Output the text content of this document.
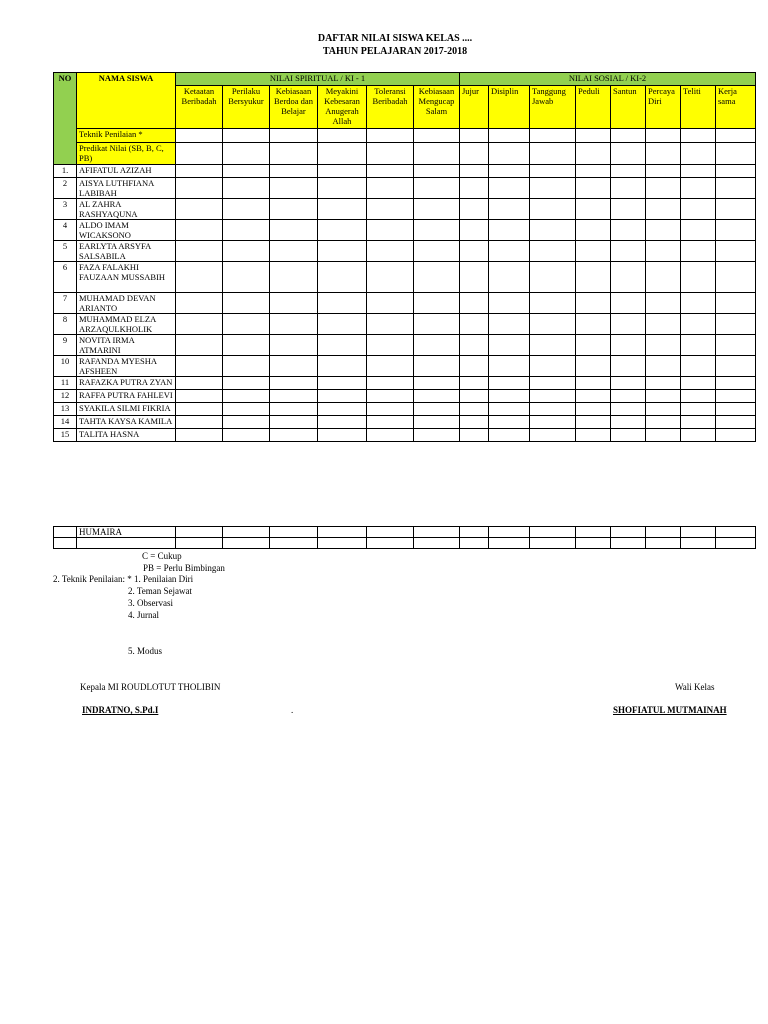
DAFTAR NILAI SISWA KELAS ....
TAHUN PELAJARAN 2017-2018
NO	NAMA SISWA	NILAI SPIRITUAL / KI - 1						NILAI SOSIAL / KI-2							
		Ketaatan Beribadah	Perilaku Bersyukur	Kebiasaan Berdoa dan Belajar	Meyakini Kebesaran Anugerah Allah	Toleransi Beribadah	Kebiasaan Mengucap Salam	Jujur	Disiplin	Tanggung Jawab	Peduli	Santun	Percaya Diri	Teliti	Kerja sama
	Teknik Penilaian *														
	Predikat Nilai (SB, B, C, PB)														
1.	AFIFATUL AZIZAH														
2	AISYA LUTHFIANA LABIBAH														
3	AL ZAHRA RASHYAQUNA														
4	ALDO IMAM WICAKSONO														
5	EARLYTA ARSYFA SALSABILA														
6	FAZA FALAKHI FAUZAAN MUSSABIH														
7	MUHAMAD DEVAN ARIANTO														
8	MUHAMMAD ELZA ARZAQULKHOLIK														
9	NOVITA IRMA ATMARINI														
10	RAFANDA MYESHA AFSHEEN														
11	RAFAZKA PUTRA ZYAN														
12	RAFFA PUTRA FAHLEVI														
13	SYAKILA SILMI FIKRIA														
14	TAHTA KAYSA KAMILA														
15	TALITA HASNA														
	HUMAIRA														

C = Cukup
PB = Perlu Bimbingan
2. Teknik Penilaian: * 1. Penilaian Diri
2. Teman Sejawat
3. Observasi
4. Jurnal
5. Modus
Kepala MI ROUDLOTUT THOLIBIN	Wali Kelas
INDRATNO, S.Pd.I	.	SHOFIATUL MUTMAINAH
